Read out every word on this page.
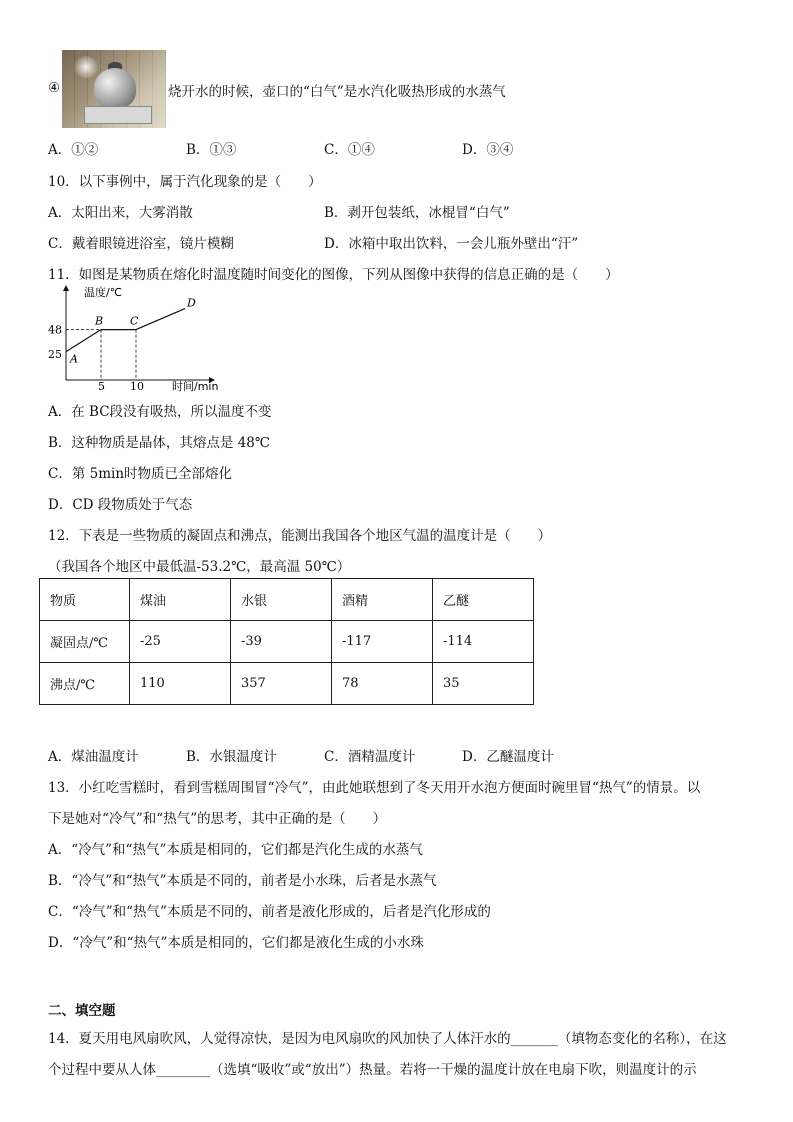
④	烧开水的时候，壶口的“白气”是水汽化吸热形成的水蒸气
A．①②	B．①③	C．①④	D．③④
10．以下事例中，属于汽化现象的是（　　）
A．太阳出来，大雾消散	B．剥开包装纸，冰棍冒“白气”
C．戴着眼镜进浴室，镜片模糊	D．冰箱中取出饮料，一会儿瓶外壁出“汗”
11．如图是某物质在熔化时温度随时间变化的图像，下列从图像中获得的信息正确的是（　　）
温度/℃
时间/min
48
25
5 10
A
B C
D
A．在 BC段没有吸热，所以温度不变
B．这种物质是晶体，其熔点是 48℃
C．第 5min时物质已全部熔化
D．CD 段物质处于气态
12．下表是一些物质的凝固点和沸点，能测出我国各个地区气温的温度计是（　　）
（我国各个地区中最低温-53.2℃，最高温 50℃）
物质	煤油	水银	酒精	乙醚
凝固点/℃	-25	-39	-117	-114
沸点/℃	110	357	78	35
A．煤油温度计	B．水银温度计	C．酒精温度计	D．乙醚温度计
13．小红吃雪糕时，看到雪糕周围冒“冷气”，由此她联想到了冬天用开水泡方便面时碗里冒“热气”的情景。以
下是她对“冷气”和“热气”的思考，其中正确的是（　　）
A．“冷气”和“热气”本质是相同的，它们都是汽化生成的水蒸气
B．“冷气”和“热气”本质是不同的，前者是小水珠，后者是水蒸气
C．“冷气”和“热气”本质是不同的，前者是液化形成的，后者是汽化形成的
D．“冷气”和“热气”本质是相同的，它们都是液化生成的小水珠
二、填空题
14．夏天用电风扇吹风，人觉得凉快，是因为电风扇吹的风加快了人体汗水的_______（填物态变化的名称），在这
个过程中要从人体________（选填“吸收”或“放出”）热量。若将一干燥的温度计放在电扇下吹，则温度计的示
